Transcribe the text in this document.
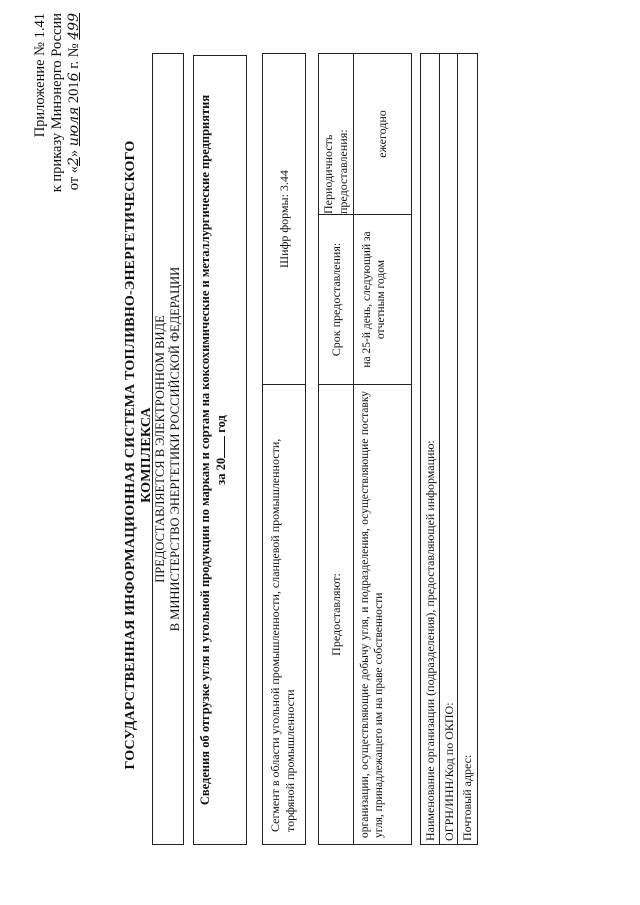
Приложение № 1.41 к приказу Минэнерго России от «2» июля 2016 г. № 499
ГОСУДАРСТВЕННАЯ ИНФОРМАЦИОННАЯ СИСТЕМА ТОПЛИВНО-ЭНЕРГЕТИЧЕСКОГО КОМПЛЕКСА ПРЕДОСТАВЛЯЕТСЯ В ЭЛЕКТРОННОМ ВИДЕ В МИНИСТЕРСТВО ЭНЕРГЕТИКИ РОССИЙСКОЙ ФЕДЕРАЦИИ Сведения об отгрузке угля и угольной продукции по маркам и сортам на коксохимические и металлургические предприятия за 20 год
Сегмент в области угольной промышленности, сланцевой промышленности, торфяной промышленности
Шифр формы: 3.44
Предоставляют:
Срок предоставления:
Периодичность предоставления:
организации, осуществляющие добычу угля, и подразделения, осуществляющие поставку угля, принадлежащего им на праве собственности
на 25-й день, следующий за отчетным годом
ежегодно
Наименование организации (подразделения), предоставляющей информацию: ОГРН/ИНН/Код по ОКПО: Почтовый адрес:
